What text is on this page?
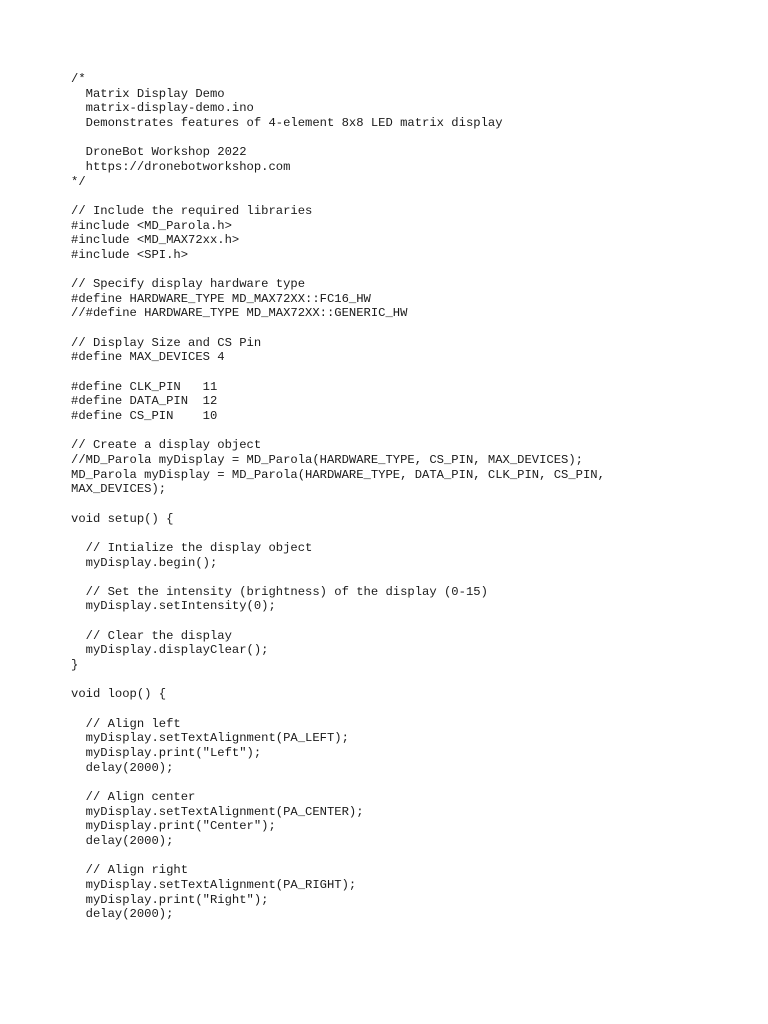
/*
Matrix Display Demo
matrix-display-demo.ino
Demonstrates features of 4-element 8x8 LED matrix display
DroneBot Workshop 2022
https://dronebotworkshop.com
*/
// Include the required libraries
#include <MD_Parola.h>
#include <MD_MAX72xx.h>
#include <SPI.h>
// Specify display hardware type
#define HARDWARE_TYPE MD_MAX72XX::FC16_HW
//#define HARDWARE_TYPE MD_MAX72XX::GENERIC_HW
// Display Size and CS Pin
#define MAX_DEVICES 4
#define CLK_PIN   11
#define DATA_PIN  12
#define CS_PIN    10
// Create a display object
//MD_Parola myDisplay = MD_Parola(HARDWARE_TYPE, CS_PIN, MAX_DEVICES);
MD_Parola myDisplay = MD_Parola(HARDWARE_TYPE, DATA_PIN, CLK_PIN, CS_PIN,
MAX_DEVICES);
void setup() {
// Intialize the display object
myDisplay.begin();
// Set the intensity (brightness) of the display (0-15)
myDisplay.setIntensity(0);
// Clear the display
myDisplay.displayClear();
}
void loop() {
// Align left
myDisplay.setTextAlignment(PA_LEFT);
myDisplay.print("Left");
delay(2000);
// Align center
myDisplay.setTextAlignment(PA_CENTER);
myDisplay.print("Center");
delay(2000);
// Align right
myDisplay.setTextAlignment(PA_RIGHT);
myDisplay.print("Right");
delay(2000);
